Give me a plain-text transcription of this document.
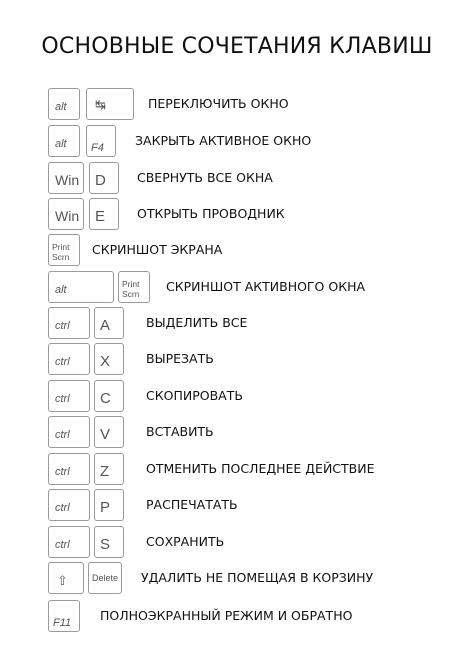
ОСНОВНЫЕ СОЧЕТАНИЯ КЛАВИШ
alt ↹	ПЕРЕКЛЮЧИТЬ ОКНО
alt F4 ЗАКРЫТЬ АКТИВНОЕ ОКНО
Win D СВЕРНУТЬ ВСЕ ОКНА
Win E	ОТКРЫТЬ ПРОВОДНИК
Print Scrn	СКРИНШОТ ЭКРАНА
alt	Print Scrn	СКРИНШОТ АКТИВНОГО ОКНА
ctrl A	ВЫДЕЛИТЬ ВСЕ
ctrl X	ВЫРЕЗАТЬ
ctrl C	СКОПИРОВАТЬ
ctrl V	ВСТАВИТЬ
ctrl Z	ОТМЕНИТЬ ПОСЛЕДНЕЕ ДЕЙСТВИЕ
ctrl P	РАСПЕЧАТАТЬ
ctrl S	СОХРАНИТЬ
⇧	Delete УДАЛИТЬ НЕ ПОМЕЩАЯ В КОРЗИНУ
F11 ПОЛНОЭКРАННЫЙ РЕЖИМ И ОБРАТНО
